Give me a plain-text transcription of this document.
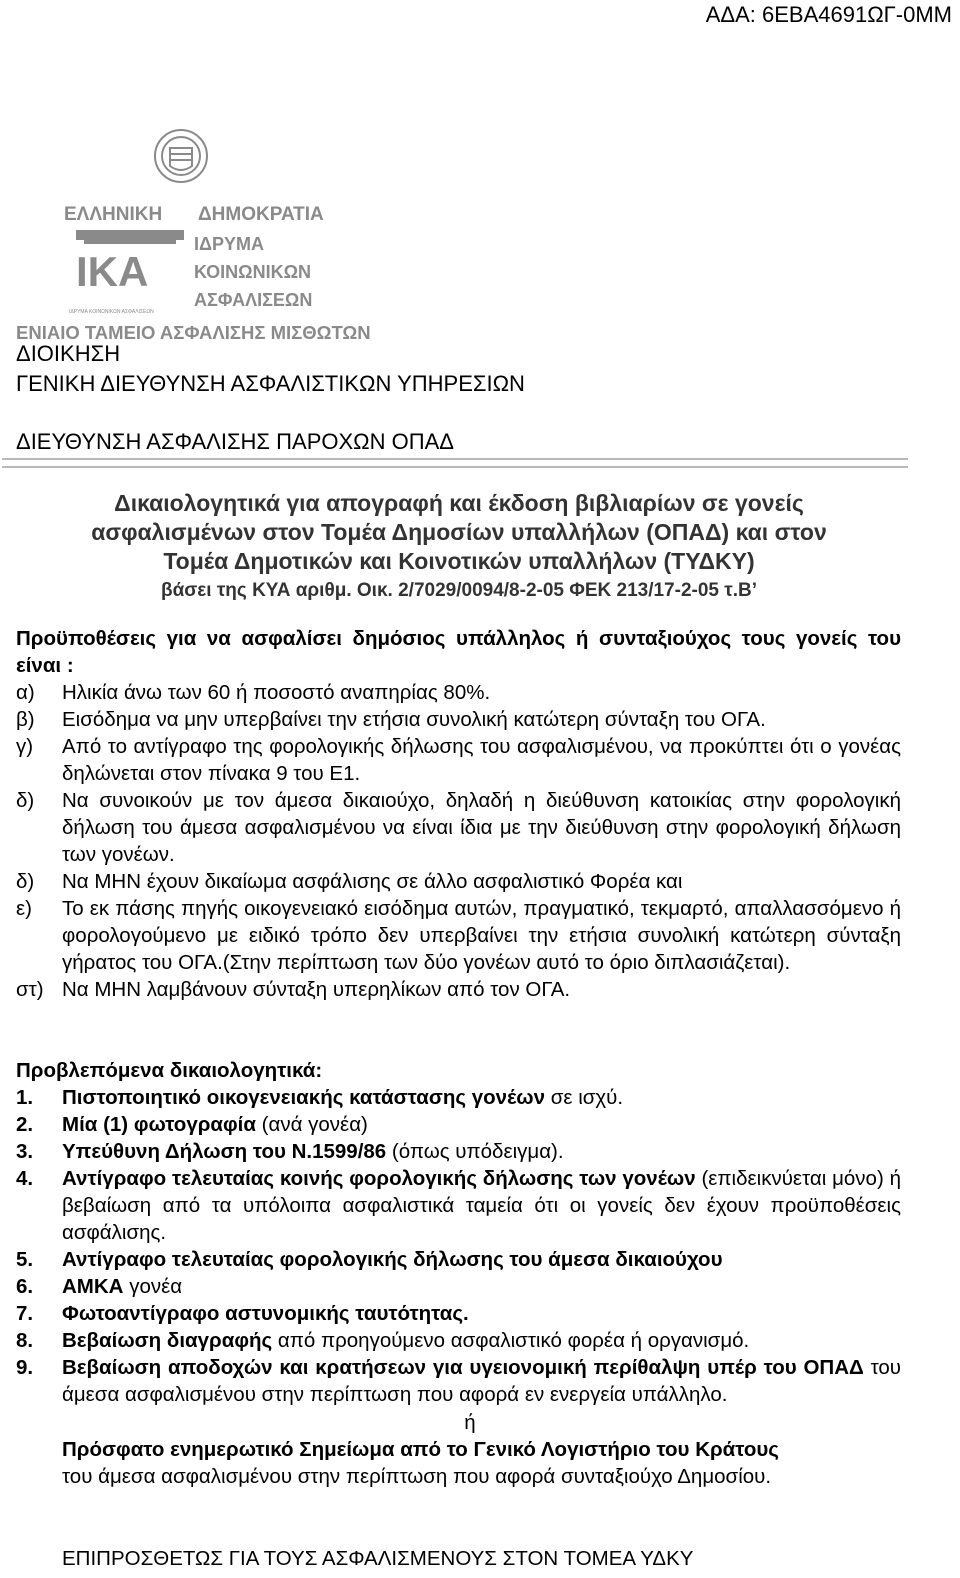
ΑΔΑ: 6ΕΒΑ4691ΩΓ-0ΜΜ
ΕΛΛΗΝΙΚΗ ΔΗΜΟΚΡΑΤΙΑ
IKA
ΙΔΡΥΜΑ
ΚΟΙΝΩΝΙΚΩΝ
ΑΣΦΑΛΙΣΕΩΝ
ΙΔΡΥΜΑ ΚΟΙΝΩΝΙΚΩΝ ΑΣΦΑΛΙΣΕΩΝ
ΕΝΙΑΙΟ ΤΑΜΕΙΟ ΑΣΦΑΛΙΣΗΣ ΜΙΣΘΩΤΩΝ
ΔΙΟΙΚΗΣΗ
ΓΕΝΙΚΗ ΔΙΕΥΘΥΝΣΗ ΑΣΦΑΛΙΣΤΙΚΩΝ ΥΠΗΡΕΣΙΩΝ
ΔΙΕΥΘΥΝΣΗ ΑΣΦΑΛΙΣΗΣ ΠΑΡΟΧΩΝ ΟΠΑΔ
Δικαιολογητικά για απογραφή και έκδοση βιβλιαρίων σε γονείς
ασφαλισμένων στον Τομέα Δημοσίων υπαλλήλων (ΟΠΑΔ) και στον
Τομέα Δημοτικών και Κοινοτικών υπαλλήλων (ΤΥΔΚΥ)
βάσει της ΚΥΑ αριθμ. Οικ. 2/7029/0094/8-2-05 ΦΕΚ 213/17-2-05 τ.Β’
Προϋποθέσεις για να ασφαλίσει δημόσιος υπάλληλος ή συνταξιούχος τους γονείς του είναι :
α) Ηλικία άνω των 60 ή ποσοστό αναπηρίας 80%.
β) Εισόδημα να μην υπερβαίνει την ετήσια συνολική κατώτερη σύνταξη του ΟΓΑ.
γ) Από το αντίγραφο της φορολογικής δήλωσης του ασφαλισμένου, να προκύπτει ότι ο γονέας δηλώνεται στον πίνακα 9 του Ε1.
δ) Να συνοικούν με τον άμεσα δικαιούχο, δηλαδή η διεύθυνση κατοικίας στην φορολογική δήλωση του άμεσα ασφαλισμένου να είναι ίδια με την διεύθυνση στην φορολογική δήλωση των γονέων.
δ) Να ΜΗΝ έχουν δικαίωμα ασφάλισης σε άλλο ασφαλιστικό Φορέα και
ε) Το εκ πάσης πηγής οικογενειακό εισόδημα αυτών, πραγματικό, τεκμαρτό, απαλλασσόμενο ή φορολογούμενο με ειδικό τρόπο δεν υπερβαίνει την ετήσια συνολική κατώτερη σύνταξη γήρατος του ΟΓΑ.(Στην περίπτωση των δύο γονέων αυτό το όριο διπλασιάζεται).
στ) Να ΜΗΝ λαμβάνουν σύνταξη υπερηλίκων από τον ΟΓΑ.
Προβλεπόμενα δικαιολογητικά:
1. Πιστοποιητικό οικογενειακής κατάστασης γονέων σε ισχύ.
2. Μία (1) φωτογραφία (ανά γονέα)
3. Υπεύθυνη Δήλωση του Ν.1599/86 (όπως υπόδειγμα).
4. Αντίγραφο τελευταίας κοινής φορολογικής δήλωσης των γονέων (επιδεικνύεται μόνο) ή βεβαίωση από τα υπόλοιπα ασφαλιστικά ταμεία ότι οι γονείς δεν έχουν προϋποθέσεις ασφάλισης.
5. Αντίγραφο τελευταίας φορολογικής δήλωσης του άμεσα δικαιούχου
6. ΑΜΚΑ γονέα
7. Φωτοαντίγραφο αστυνομικής ταυτότητας.
8. Βεβαίωση διαγραφής από προηγούμενο ασφαλιστικό φορέα ή οργανισμό.
9. Βεβαίωση αποδοχών και κρατήσεων για υγειονομική περίθαλψη υπέρ του ΟΠΑΔ του άμεσα ασφαλισμένου στην περίπτωση που αφορά εν ενεργεία υπάλληλο.
ή
Πρόσφατο ενημερωτικό Σημείωμα από το Γενικό Λογιστήριο του Κράτους
του άμεσα ασφαλισμένου στην περίπτωση που αφορά συνταξιούχο Δημοσίου.
ΕΠΙΠΡΟΣΘΕΤΩΣ ΓΙΑ ΤΟΥΣ ΑΣΦΑΛΙΣΜΕΝΟΥΣ ΣΤΟΝ ΤΟΜΕΑ ΥΔΚΥ
